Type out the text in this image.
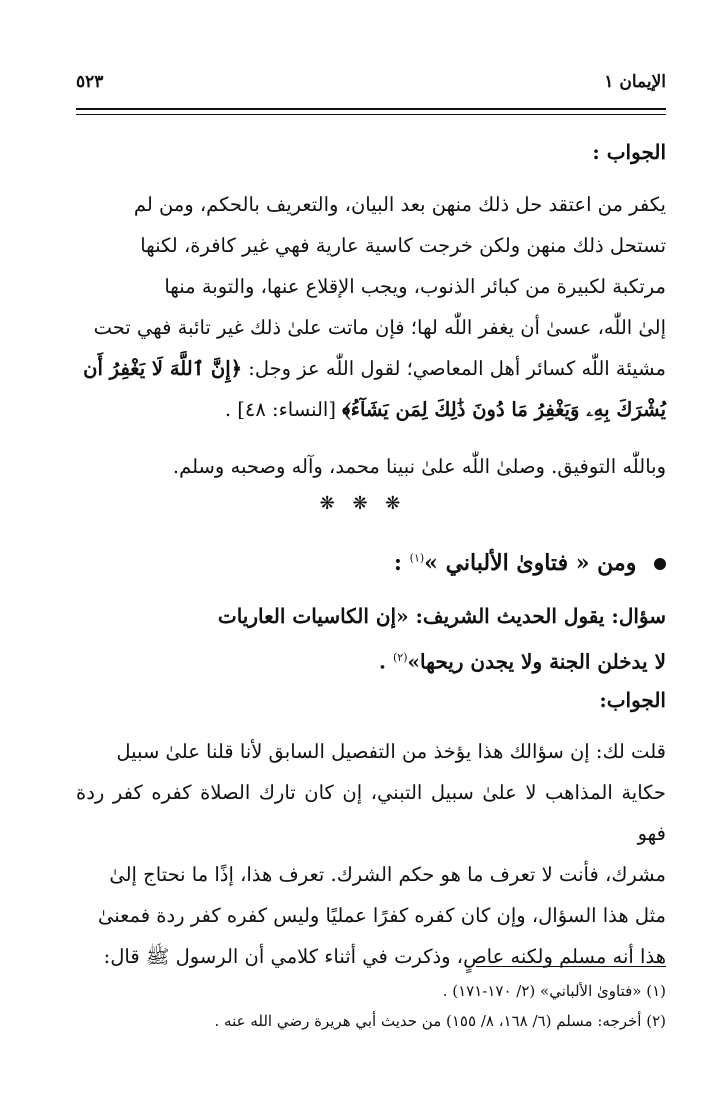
الإيمان ١
٥٢٣
الجواب :

يكفر من اعتقد حل ذلك منهن بعد البيان، والتعريف بالحكم، ومن لم

تستحل ذلك منهن ولكن خرجت كاسية عارية فهي غير كافرة، لكنها

مرتكبة لكبيرة من كبائر الذنوب، ويجب الإقلاع عنها، والتوبة منها

إلىٰ اللّٰه، عسىٰ أن يغفر اللّٰه لها؛ فإن ماتت علىٰ ذلك غير تائبة فهي تحت

مشيئة اللّٰه كسائر أهل المعاصي؛ لقول اللّٰه عز وجل: ﴿إِنَّ ٱللَّهَ لَا يَغْفِرُ أَن

يُشْرَكَ بِهِۦ وَيَغْفِرُ مَا دُونَ ذَٰلِكَ لِمَن يَشَآءُ﴾ [النساء: ٤٨] .

وباللّٰه التوفيق. وصلىٰ اللّٰه علىٰ نبينا محمد، وآله وصحبه وسلم.
❋ ❋ ❋
ومن « فتاوىٰ الألباني »$^{(١)}$ :
سؤال: يقول الحديث الشريف: «إن الكاسيات العاريات
لا يدخلن الجنة ولا يجدن ريحها»$^{(٢)}$ .
الجواب:

قلت لك: إن سؤالك هذا يؤخذ من التفصيل السابق لأنا قلنا علىٰ سبيل

حكاية المذاهب لا علىٰ سبيل التبني، إن كان تارك الصلاة كفره كفر ردة فهو

مشرك، فأنت لا تعرف ما هو حكم الشرك. تعرف هذا، إذًا ما نحتاج إلىٰ

مثل هذا السؤال، وإن كان كفره كفرًا عمليًا وليس كفره كفر ردة فمعنىٰ

هذا أنه مسلم ولكنه عاصٍ، وذكرت في أثناء كلامي أن الرسول ﷺ قال:

(١) «فتاوىٰ الألباني» (٢/ ١٧٠-١٧١) .

(٢) أخرجه: مسلم (٦/ ١٦٨، ٨/ ١٥٥) من حديث أبي هريرة رضي الله عنه .
